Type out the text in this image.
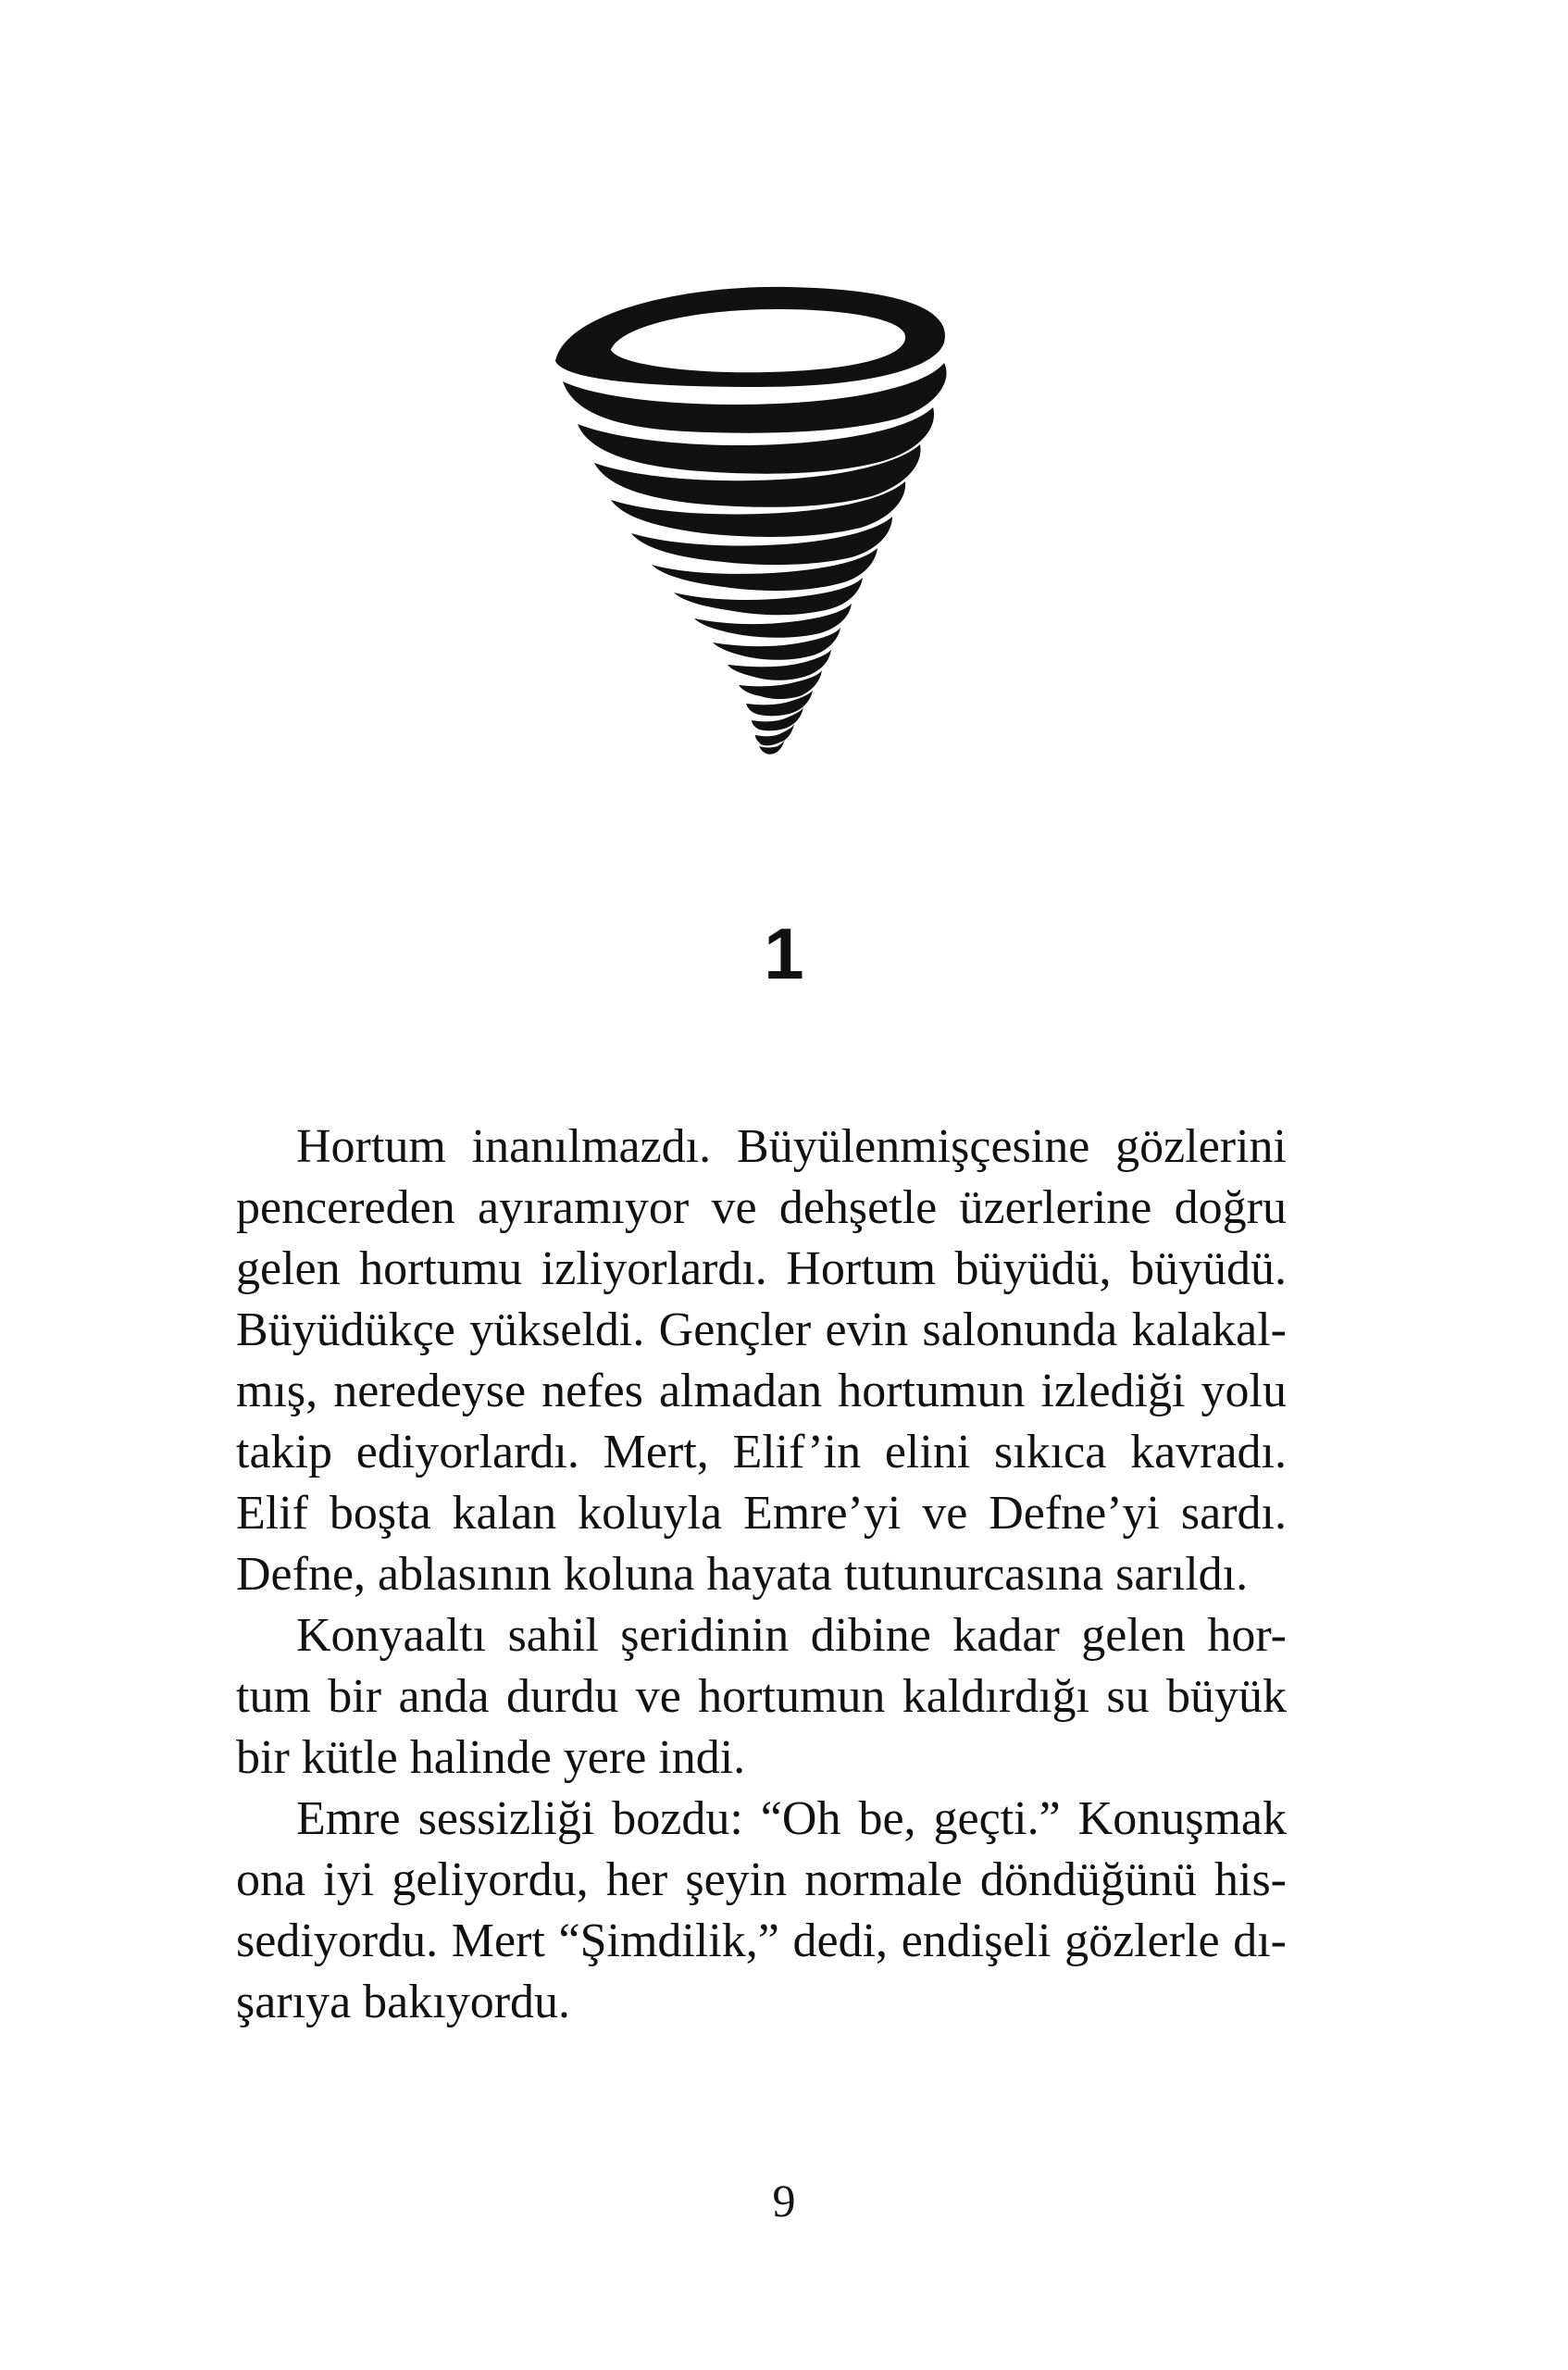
1
Hortum inanılmazdı. Büyülenmişçesine gözlerini
pencereden ayıramıyor ve dehşetle üzerlerine doğru
gelen hortumu izliyorlardı. Hortum büyüdü, büyüdü.
Büyüdükçe yükseldi. Gençler evin salonunda kalakal-
mış, neredeyse nefes almadan hortumun izlediği yolu
takip ediyorlardı. Mert, Elif’in elini sıkıca kavradı.
Elif boşta kalan koluyla Emre’yi ve Defne’yi sardı.
Defne, ablasının koluna hayata tutunurcasına sarıldı.
Konyaaltı sahil şeridinin dibine kadar gelen hor-
tum bir anda durdu ve hortumun kaldırdığı su büyük
bir kütle halinde yere indi.
Emre sessizliği bozdu: “Oh be, geçti.” Konuşmak
ona iyi geliyordu, her şeyin normale döndüğünü his-
sediyordu. Mert “Şimdilik,” dedi, endişeli gözlerle dı-
şarıya bakıyordu.
9
